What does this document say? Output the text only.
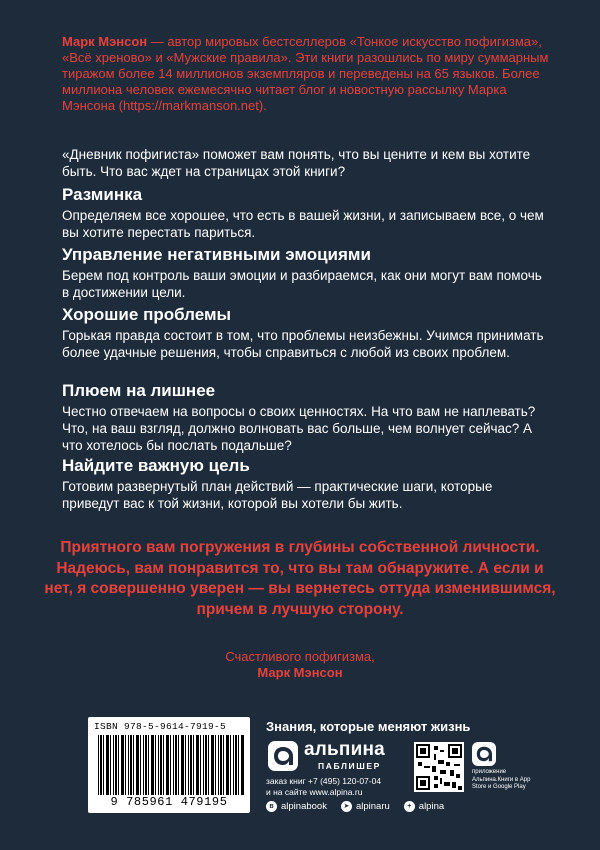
Марк Мэнсон — автор мировых бестселлеров «Тонкое искусство пофигизма», «Всё хреново» и «Мужские правила». Эти книги разошлись по миру суммарным тиражом более 14 миллионов экземпляров и переведены на 65 языков. Более миллиона человек ежемесячно читает блог и новостную рассылку Марка Мэнсона (https://markmanson.net).
«Дневник пофигиста» поможет вам понять, что вы цените и кем вы хотите быть. Что вас ждет на страницах этой книги?
Разминка

Определяем все хорошее, что есть в вашей жизни, и записываем все, о чем вы хотите перестать париться.

Управление негативными эмоциями

Берем под контроль ваши эмоции и разбираемся, как они могут вам помочь в достижении цели.

Хорошие проблемы

Горькая правда состоит в том, что проблемы неизбежны. Учимся принимать более удачные решения, чтобы справиться с любой из своих проблем.

Плюем на лишнее

Честно отвечаем на вопросы о своих ценностях. На что вам не наплевать? Что, на ваш взгляд, должно волновать вас больше, чем волнует сейчас? А что хотелось бы послать подальше?

Найдите важную цель

Готовим развернутый план действий — практические шаги, которые приведут вас к той жизни, которой вы хотели бы жить.

Приятного вам погружения в глубины собственной личности. Надеюсь, вам понравится то, что вы там обнаружите. А если и нет, я совершенно уверен — вы вернетесь оттуда изменившимся, причем в лучшую сторону.
Счастливого пофигизма,
Марк Мэнсон
ISBN 978-5-9614-7919-5
9 785961 479195
Знания, которые меняют жизнь
альпина
ПАБЛИШЕР
заказ книг +7 (495) 120-07-04
и на сайте www.alpina.ru
приложение Альпина.Книги в App Store и Google Play
в alpinabook	➤ alpinaru	+ alpina
